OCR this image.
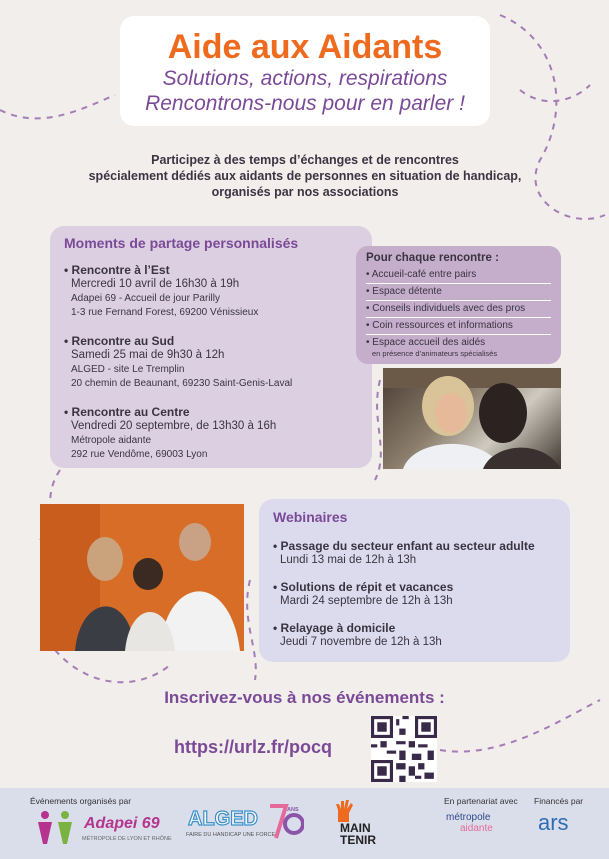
Aide aux Aidants
Solutions, actions, respirations
Rencontrons-nous pour en parler !
Participez à des temps d’échanges et de rencontres
spécialement dédiés aux aidants de personnes en situation de handicap,
organisés par nos associations
Moments de partage personnalisés
• Rencontre à l’Est
Mercredi 10 avril de 16h30 à 19h
Adapei 69 - Accueil de jour Parilly
1-3 rue Fernand Forest, 69200 Vénissieux
• Rencontre au Sud
Samedi 25 mai de 9h30 à 12h
ALGED - site Le Tremplin
20 chemin de Beaunant, 69230 Saint-Genis-Laval
• Rencontre au Centre
Vendredi 20 septembre, de 13h30 à 16h
Métropole aidante
292 rue Vendôme, 69003 Lyon
Pour chaque rencontre :
• Accueil-café entre pairs
• Espace détente
• Conseils individuels avec des pros
• Coin ressources et informations
• Espace accueil des aidés
en présence d’animateurs spécialisés
Webinaires
• Passage du secteur enfant au secteur adulte
Lundi 13 mai de 12h à 13h
• Solutions de répit et vacances
Mardi 24 septembre de 12h à 13h
• Relayage à domicile
Jeudi 7 novembre de 12h à 13h
Inscrivez-vous à nos événements :
https://urlz.fr/pocq
Événements organisés par	En partenariat avec Financés par
Adapei 69
MÉTROPOLE DE LYON ET RHÔNE
ALGED	ANS
FAIRE DU HANDICAP UNE FORCE	MAIN
TENIR
métropole
aidante ars
